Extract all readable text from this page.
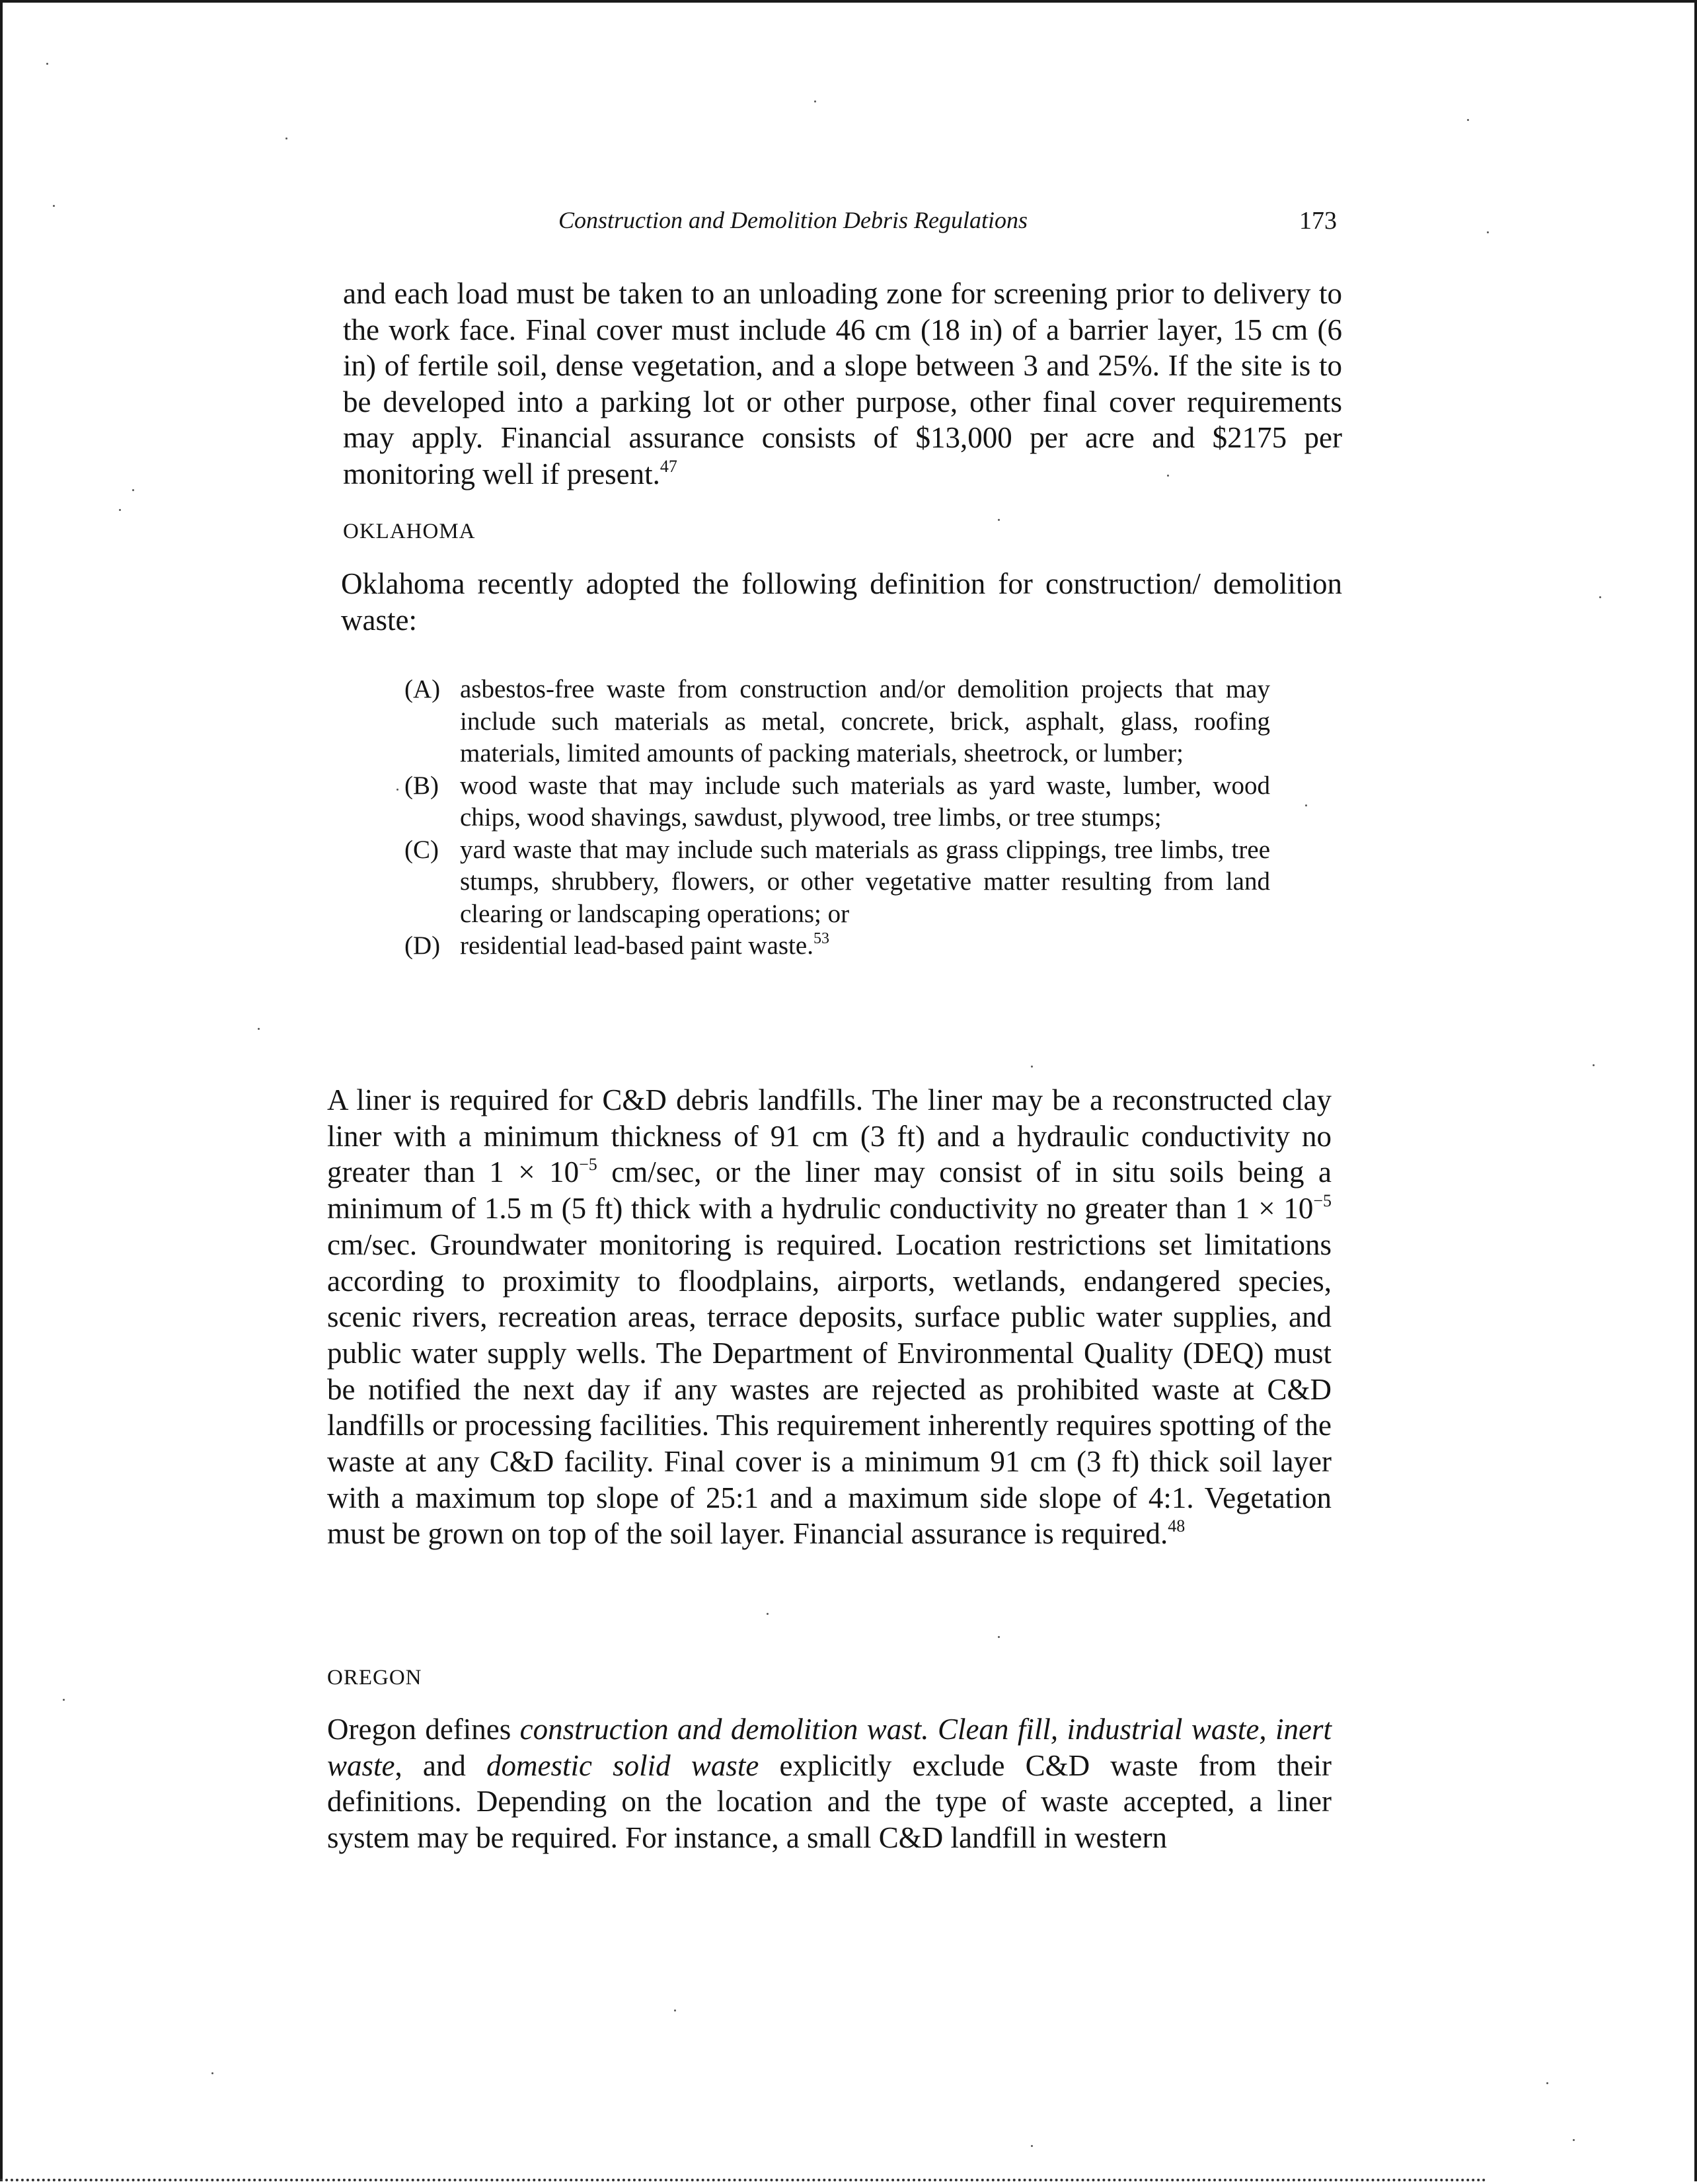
Construction and Demolition Debris Regulations	173

and each load must be taken to an unloading zone for screening prior to delivery to the work face. Final cover must include 46 cm (18 in) of a barrier layer, 15 cm (6 in) of fertile soil, dense vegetation, and a slope between 3 and 25%. If the site is to be developed into a parking lot or other purpose, other final cover requirements may apply. Financial assurance consists of $13,000 per acre and $2175 per monitoring well if present.$^{47}$

OKLAHOMA

Oklahoma recently adopted the following definition for construction/ demolition waste:

(A) asbestos-free waste from construction and/or demolition projects that may include such materials as metal, concrete, brick, asphalt, glass, roofing materials, limited amounts of packing materials, sheetrock, or lumber;
(B) wood waste that may include such materials as yard waste, lumber, wood chips, wood shavings, sawdust, plywood, tree limbs, or tree stumps;
(C) yard waste that may include such materials as grass clippings, tree limbs, tree stumps, shrubbery, flowers, or other vegetative matter resulting from land clearing or landscaping operations; or
(D) residential lead-based paint waste.$^{53}$

A liner is required for C&D debris landfills. The liner may be a reconstructed clay liner with a minimum thickness of 91 cm (3 ft) and a hydraulic conductivity no greater than $1 \times 10^{-5}$ cm/sec, or the liner may consist of in situ soils being a minimum of 1.5 m (5 ft) thick with a hydrulic conductivity no greater than $1 \times 10^{-5}$ cm/sec. Groundwater monitoring is required. Location restrictions set limitations according to proximity to floodplains, airports, wetlands, endangered species, scenic rivers, recreation areas, terrace deposits, surface public water supplies, and public water supply wells. The Department of Environmental Quality (DEQ) must be notified the next day if any wastes are rejected as prohibited waste at C&D landfills or processing facilities. This requirement inherently requires spotting of the waste at any C&D facility. Final cover is a minimum 91 cm (3 ft) thick soil layer with a maximum top slope of 25:1 and a maximum side slope of 4:1. Vegetation must be grown on top of the soil layer. Financial assurance is required.$^{48}$

OREGON

Oregon defines construction and demolition wast. Clean fill, industrial waste, inert waste, and domestic solid waste explicitly exclude C&D waste from their definitions. Depending on the location and the type of waste accepted, a liner system may be required. For instance, a small C&D landfill in western
